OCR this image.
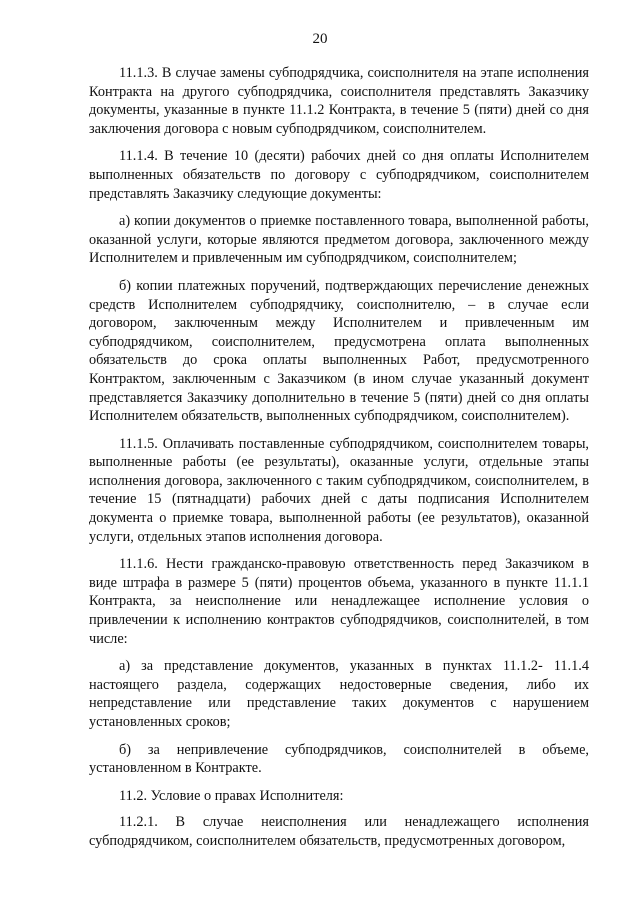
20

11.1.3. В случае замены субподрядчика, соисполнителя на этапе исполнения Контракта на другого субподрядчика, соисполнителя представлять Заказчику документы, указанные в пункте 11.1.2 Контракта, в течение 5 (пяти) дней со дня заключения договора с новым субподрядчиком, соисполнителем.

11.1.4. В течение 10 (десяти) рабочих дней со дня оплаты Исполнителем выполненных обязательств по договору с субподрядчиком, соисполнителем представлять Заказчику следующие документы:

а) копии документов о приемке поставленного товара, выполненной работы, оказанной услуги, которые являются предметом договора, заключенного между Исполнителем и привлеченным им субподрядчиком, соисполнителем;

б) копии платежных поручений, подтверждающих перечисление денежных средств Исполнителем субподрядчику, соисполнителю, – в случае если договором, заключенным между Исполнителем и привлеченным им субподрядчиком, соисполнителем, предусмотрена оплата выполненных обязательств до срока оплаты выполненных Работ, предусмотренного Контрактом, заключенным с Заказчиком (в ином случае указанный документ представляется Заказчику дополнительно в течение 5 (пяти) дней со дня оплаты Исполнителем обязательств, выполненных субподрядчиком, соисполнителем).

11.1.5. Оплачивать поставленные субподрядчиком, соисполнителем товары, выполненные работы (ее результаты), оказанные услуги, отдельные этапы исполнения договора, заключенного с таким субподрядчиком, соисполнителем, в течение 15 (пятнадцати) рабочих дней с даты подписания Исполнителем документа о приемке товара, выполненной работы (ее результатов), оказанной услуги, отдельных этапов исполнения договора.

11.1.6. Нести гражданско-правовую ответственность перед Заказчиком в виде штрафа в размере 5 (пяти) процентов объема, указанного в пункте 11.1.1 Контракта, за неисполнение или ненадлежащее исполнение условия о привлечении к исполнению контрактов субподрядчиков, соисполнителей, в том числе:

а) за представление документов, указанных в пунктах 11.1.2- 11.1.4 настоящего раздела, содержащих недостоверные сведения, либо их непредставление или представление таких документов с нарушением установленных сроков;

б) за непривлечение субподрядчиков, соисполнителей в объеме, установленном в Контракте.

11.2. Условие о правах Исполнителя:

11.2.1. В случае неисполнения или ненадлежащего исполнения субподрядчиком, соисполнителем обязательств, предусмотренных договором,
